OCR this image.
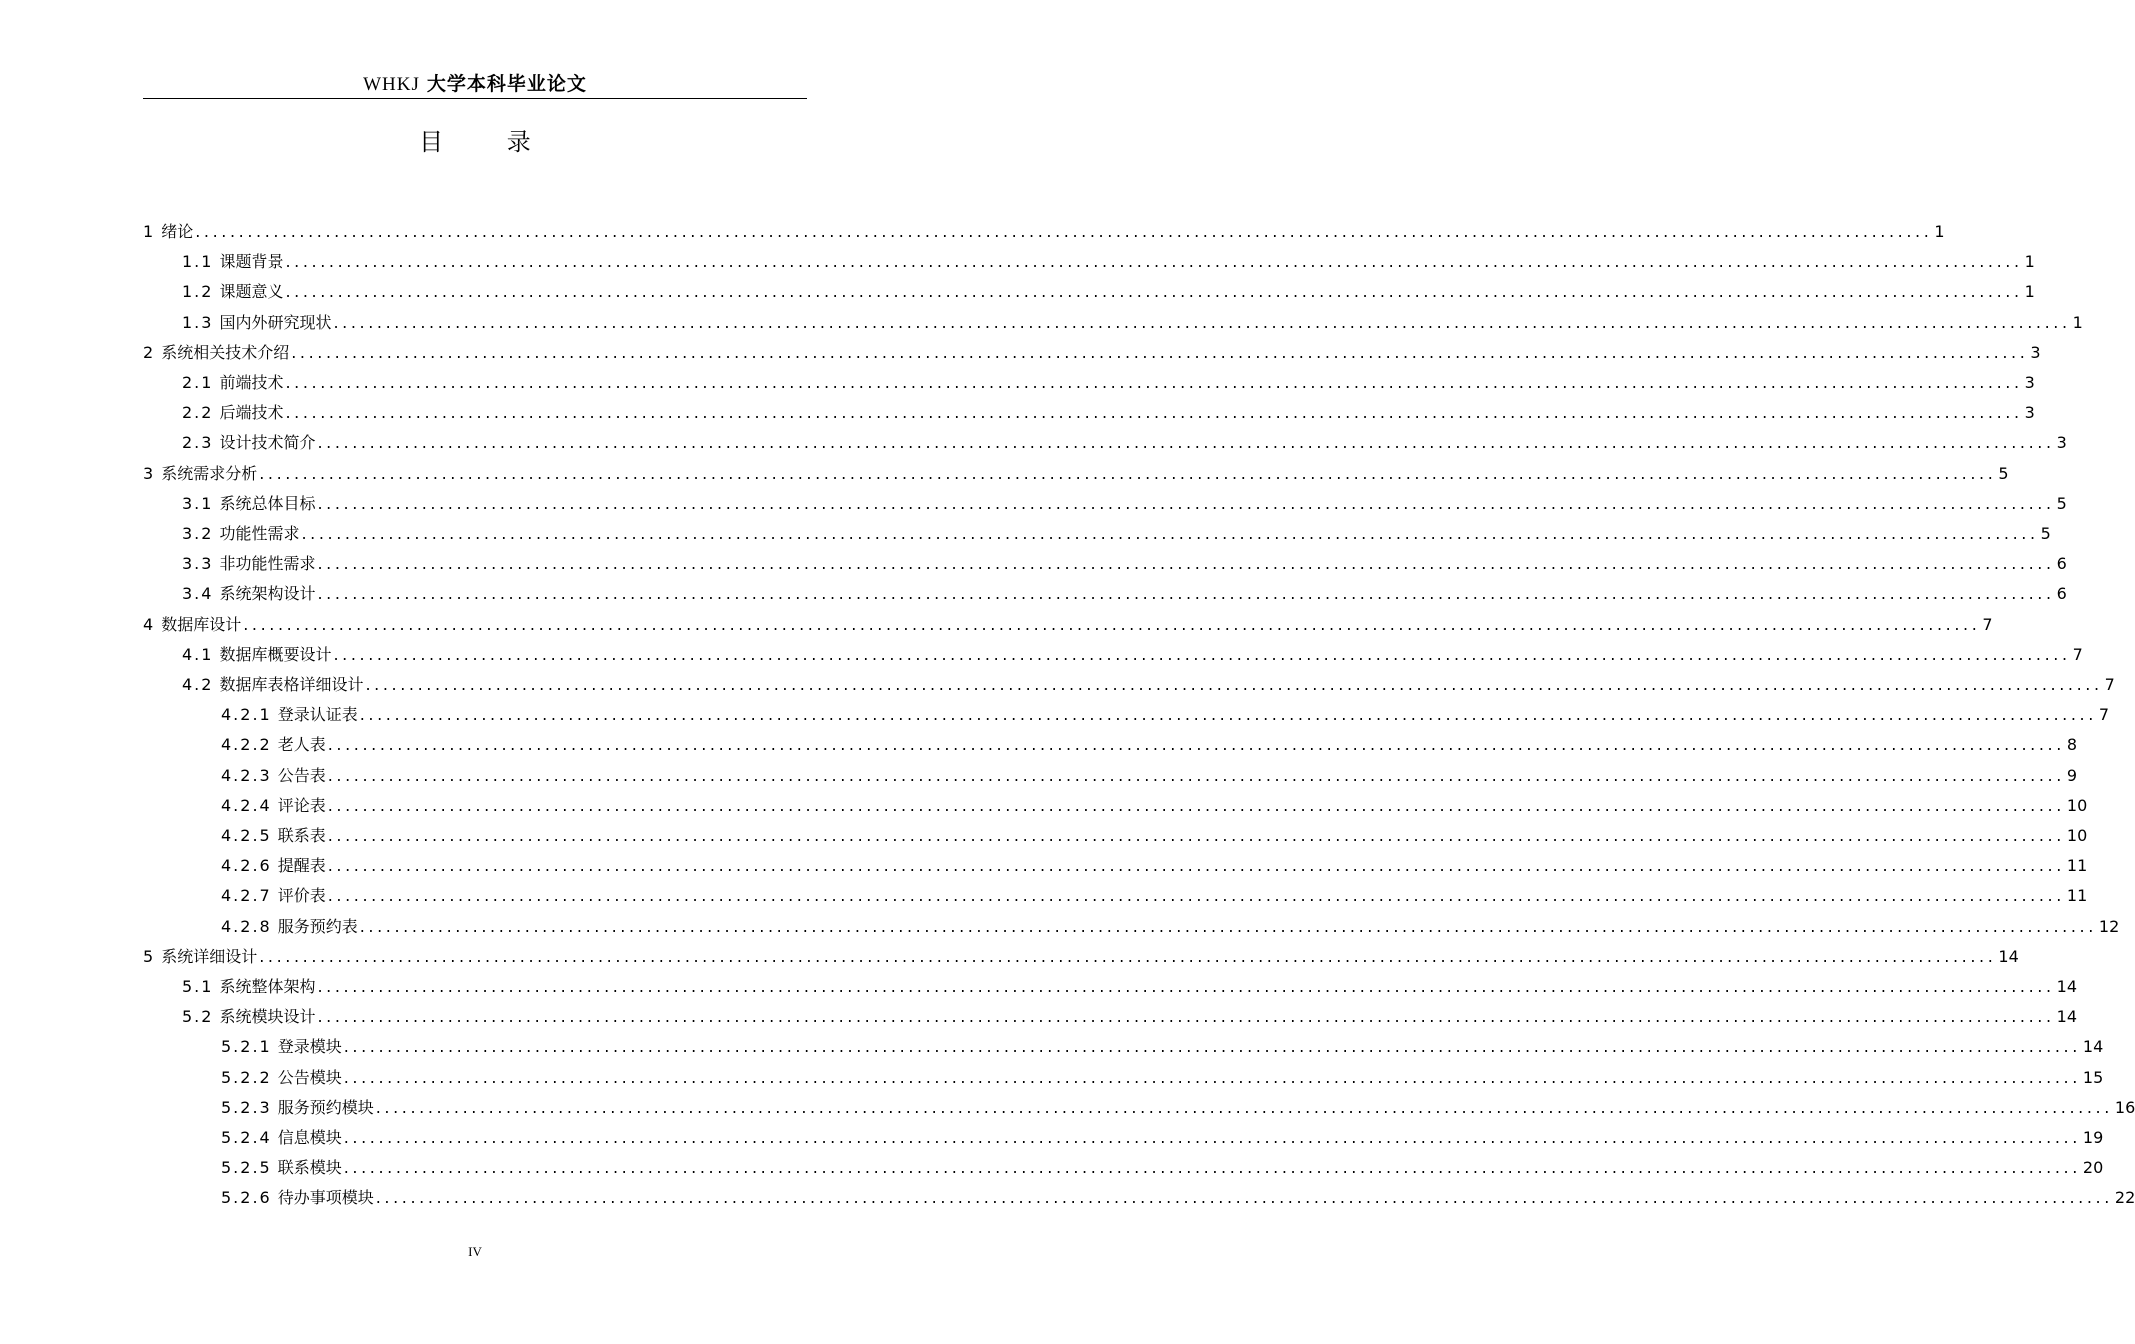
WHKJ 大学本科毕业论文
目 录
1 绪论 ........................................................................................................................................................................................................ 1
1.1 课题背景 ........................................................................................................................................................................................................ 1
1.2 课题意义 ........................................................................................................................................................................................................ 1
1.3 国内外研究现状 ........................................................................................................................................................................................................ 1
2 系统相关技术介绍 ........................................................................................................................................................................................................ 3
2.1 前端技术 ........................................................................................................................................................................................................ 3
2.2 后端技术 ........................................................................................................................................................................................................ 3
2.3 设计技术简介 ........................................................................................................................................................................................................ 3
3 系统需求分析 ........................................................................................................................................................................................................ 5
3.1 系统总体目标 ........................................................................................................................................................................................................ 5
3.2 功能性需求 ........................................................................................................................................................................................................ 5
3.3 非功能性需求 ........................................................................................................................................................................................................ 6
3.4 系统架构设计 ........................................................................................................................................................................................................ 6
4 数据库设计 ........................................................................................................................................................................................................ 7
4.1 数据库概要设计 ........................................................................................................................................................................................................ 7
4.2 数据库表格详细设计 ........................................................................................................................................................................................................ 7
4.2.1 登录认证表 ........................................................................................................................................................................................................ 7
4.2.2 老人表 ........................................................................................................................................................................................................ 8
4.2.3 公告表 ........................................................................................................................................................................................................ 9
4.2.4 评论表 ........................................................................................................................................................................................................ 10
4.2.5 联系表 ........................................................................................................................................................................................................ 10
4.2.6 提醒表 ........................................................................................................................................................................................................ 11
4.2.7 评价表 ........................................................................................................................................................................................................ 11
4.2.8 服务预约表 ........................................................................................................................................................................................................ 12
5 系统详细设计 ........................................................................................................................................................................................................ 14
5.1 系统整体架构 ........................................................................................................................................................................................................ 14
5.2 系统模块设计 ........................................................................................................................................................................................................ 14
5.2.1 登录模块 ........................................................................................................................................................................................................ 14
5.2.2 公告模块 ........................................................................................................................................................................................................ 15
5.2.3 服务预约模块 ........................................................................................................................................................................................................ 16
5.2.4 信息模块 ........................................................................................................................................................................................................ 19
5.2.5 联系模块 ........................................................................................................................................................................................................ 20
5.2.6 待办事项模块 ........................................................................................................................................................................................................ 22
IV
